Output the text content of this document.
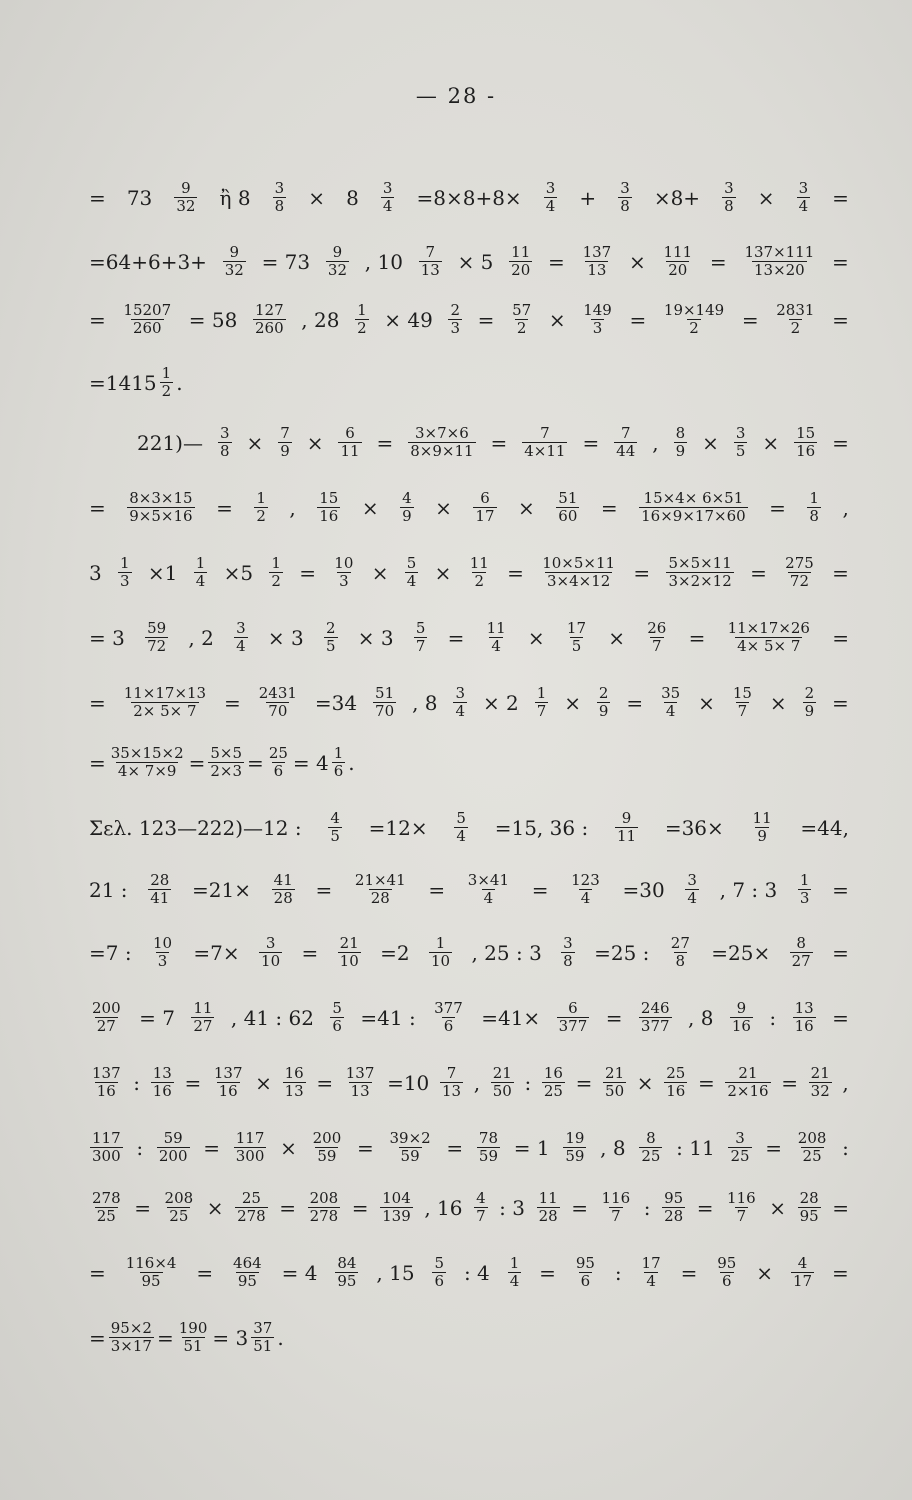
— 28 -
= $73 \frac{9}{32}$ ἢ $8 \frac{3}{8} \times 8 \frac{3}{4} =8\times 8+8\times \frac{3}{4} + \frac{3}{8} \times 8+ \frac{3}{8} \times \frac{3}{4}$ =
$=64+6+3+ \frac{9}{32} = 73 \frac{9}{32}$ , $10 \frac{7}{13} \times 5 \frac{11}{20} = \frac{137}{13} \times \frac{111}{20} = \frac{137\times 111}{13\times 20}$ =
= $\frac{15207}{260} = 58 \frac{127}{260}$ , $28 \frac{1}{2} \times 49 \frac{2}{3} = \frac{57}{2} \times \frac{149}{3} = \frac{19\times 149}{2} = \frac{2831}{2}$ =
$=1415 \frac{1}{2}$ .
221)— $\frac{3}{8} \times \frac{7}{9} \times \frac{6}{11} = \frac{3\times 7\times 6}{8\times 9\times 11} = \frac{7}{4\times 11} = \frac{7}{44}$ , $\frac{8}{9} \times \frac{3}{5} \times \frac{15}{16}$ =
= $\frac{8\times 3\times 15}{9\times 5\times 16} = \frac{1}{2}$ , $\frac{15}{16} \times \frac{4}{9} \times \frac{6}{17} \times \frac{51}{60} = \frac{15\times 4\times 6\times 51}{16\times 9\times 17\times 60} = \frac{1}{8}$ ,
$3 \frac{1}{3} \times 1 \frac{1}{4} \times 5 \frac{1}{2} = \frac{10}{3} \times \frac{5}{4} \times \frac{11}{2} = \frac{10\times 5\times 11}{3\times 4\times 12} = \frac{5\times 5\times 11}{3\times 2\times 12} = \frac{275}{72}$ =
= $3 \frac{59}{72}$ , $2 \frac{3}{4} \times 3 \frac{2}{5} \times 3 \frac{5}{7} = \frac{11}{4} \times \frac{17}{5} \times \frac{26}{7} = \frac{11\times 17\times 26}{4\times 5\times 7}$ =
= $\frac{11\times 17\times 13}{2\times 5\times 7} = \frac{2431}{70} =34 \frac{51}{70}$ , $8 \frac{3}{4} \times 2 \frac{1}{7} \times \frac{2}{9} = \frac{35}{4} \times \frac{15}{7} \times \frac{2}{9}$ =
= $\frac{35\times 15\times 2}{4\times 7\times 9} = \frac{5\times 5}{2\times 3} = \frac{25}{6} = 4 \frac{1}{6}$ .
Σελ. 123—222)—12 : $\frac{4}{5} =12\times \frac{5}{4} =15$, 36 : $\frac{9}{11} =36\times \frac{11}{9} =44$,
21 : $\frac{28}{41} =21\times \frac{41}{28} = \frac{21\times 41}{28} = \frac{3\times 41}{4} = \frac{123}{4} =30 \frac{3}{4}$ , 7 : $3 \frac{1}{3}$ =
=7 : $\frac{10}{3} =7\times \frac{3}{10} = \frac{21}{10} =2 \frac{1}{10}$ , 25 : $3 \frac{3}{8} =25$ : $\frac{27}{8} =25\times \frac{8}{27}$ =
$\frac{200}{27} = 7 \frac{11}{27}$ , 41 : $62 \frac{5}{6} =41$ : $\frac{377}{6} =41\times \frac{6}{377} = \frac{246}{377}$ , $8 \frac{9}{16}$ : $\frac{13}{16}$ =
$\frac{137}{16}$ : $\frac{13}{16} = \frac{137}{16} \times \frac{16}{13} = \frac{137}{13} =10 \frac{7}{13}$ , $\frac{21}{50}$ : $\frac{16}{25} = \frac{21}{50} \times \frac{25}{16} = \frac{21}{2\times 16} = \frac{21}{32}$ ,
$\frac{117}{300}$ : $\frac{59}{200} = \frac{117}{300} \times \frac{200}{59} = \frac{39\times 2}{59} = \frac{78}{59} = 1 \frac{19}{59}$ , $8 \frac{8}{25}$ : $11 \frac{3}{25} = \frac{208}{25}$ :
$\frac{278}{25} = \frac{208}{25} \times \frac{25}{278} = \frac{208}{278} = \frac{104}{139}$ , $16 \frac{4}{7}$ : $3 \frac{11}{28} = \frac{116}{7}$ : $\frac{95}{28} = \frac{116}{7} \times \frac{28}{95}$ =
= $\frac{116\times 4}{95} = \frac{464}{95} = 4 \frac{84}{95}$ , $15 \frac{5}{6}$ : $4 \frac{1}{4} = \frac{95}{6}$ : $\frac{17}{4} = \frac{95}{6} \times \frac{4}{17}$ =
= $\frac{95\times 2}{3\times 17} = \frac{190}{51} = 3 \frac{37}{51}$ .
